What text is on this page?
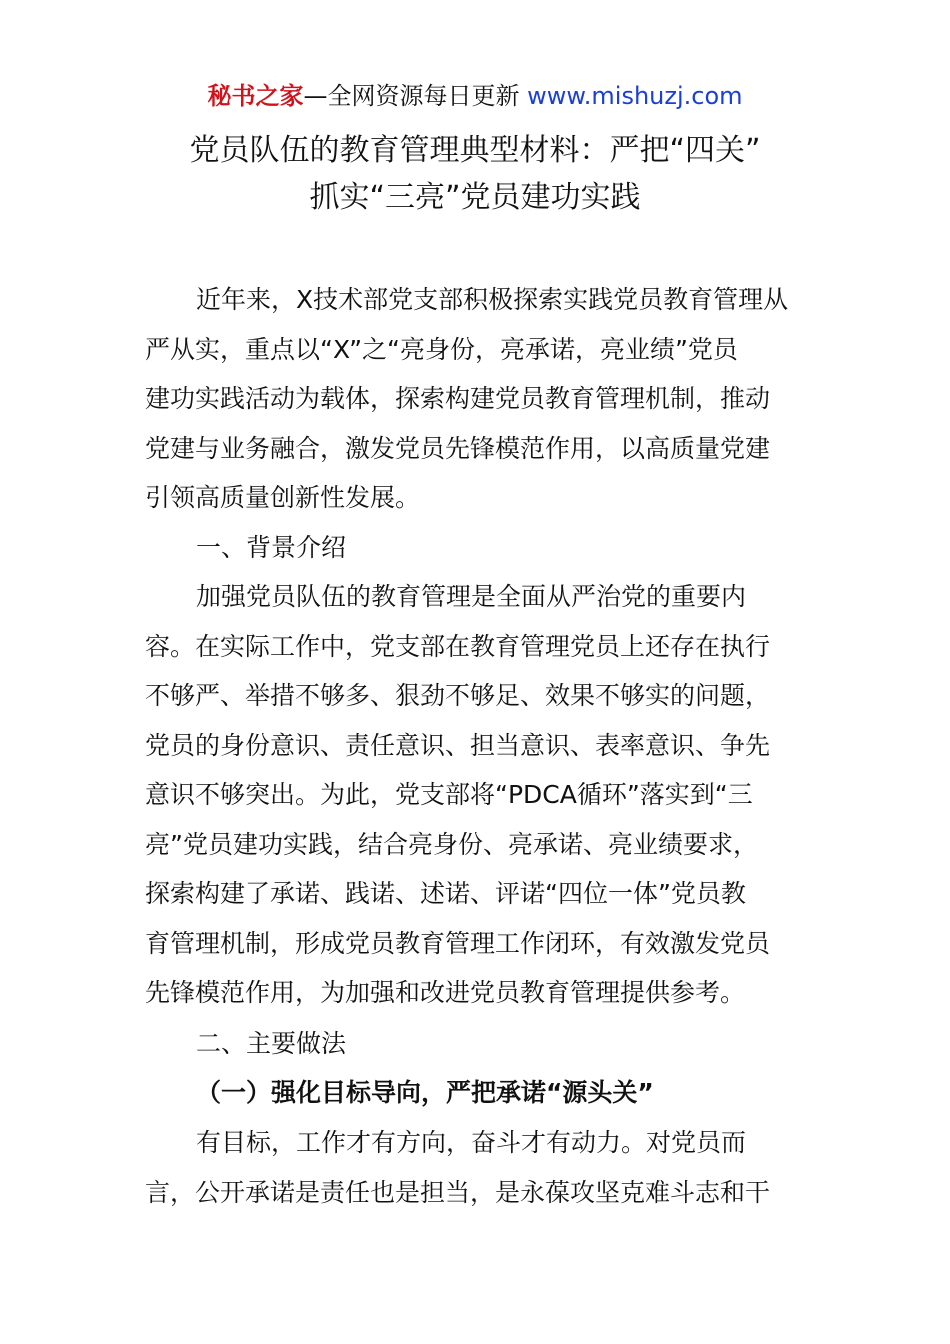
秘书之家—全网资源每日更新 www.mishuzj.com
党员队伍的教育管理典型材料：严把“四关”
抓实“三亮”党员建功实践
近年来，X技术部党支部积极探索实践党员教育管理从
严从实，重点以“X”之“亮身份，亮承诺，亮业绩”党员
建功实践活动为载体，探索构建党员教育管理机制，推动
党建与业务融合，激发党员先锋模范作用，以高质量党建
引领高质量创新性发展。
一、背景介绍
加强党员队伍的教育管理是全面从严治党的重要内
容。在实际工作中，党支部在教育管理党员上还存在执行
不够严、举措不够多、狠劲不够足、效果不够实的问题，
党员的身份意识、责任意识、担当意识、表率意识、争先
意识不够突出。为此，党支部将“PDCA循环”落实到“三
亮”党员建功实践，结合亮身份、亮承诺、亮业绩要求，
探索构建了承诺、践诺、述诺、评诺“四位一体”党员教
育管理机制，形成党员教育管理工作闭环，有效激发党员
先锋模范作用，为加强和改进党员教育管理提供参考。
二、主要做法
（一）强化目标导向，严把承诺“源头关”
有目标，工作才有方向，奋斗才有动力。对党员而
言，公开承诺是责任也是担当，是永葆攻坚克难斗志和干
